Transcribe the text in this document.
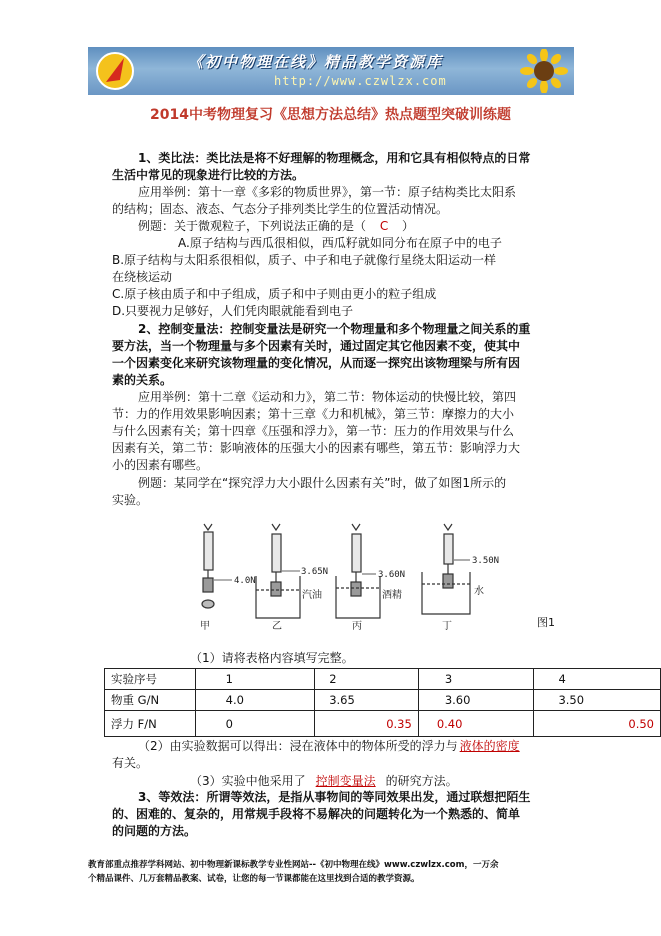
《初中物理在线》精品教学资源库
http://www.czwlzx.com
2014中考物理复习《思想方法总结》热点题型突破训练题
1、类比法：类比法是将不好理解的物理概念，用和它具有相似特点的日常
生活中常见的现象进行比较的方法。
应用举例：第十一章《多彩的物质世界》，第一节：原子结构类比太阳系
的结构；固态、液态、气态分子排列类比学生的位置活动情况。
例题：关于微观粒子，下列说法正确的是（ C ）
A.原子结构与西瓜很相似，西瓜籽就如同分布在原子中的电子
B.原子结构与太阳系很相似，质子、中子和电子就像行星绕太阳运动一样
在绕核运动
C.原子核由质子和中子组成，质子和中子则由更小的粒子组成
D.只要视力足够好，人们凭肉眼就能看到电子
2、控制变量法：控制变量法是研究一个物理量和多个物理量之间关系的重
要方法，当一个物理量与多个因素有关时，通过固定其它他因素不变，使其中
一个因素变化来研究该物理量的变化情况，从而逐一探究出该物理梁与所有因
素的关系。
应用举例：第十二章《运动和力》，第二节：物体运动的快慢比较，第四
节：力的作用效果影响因素；第十三章《力和机械》，第三节：摩擦力的大小
与什么因素有关；第十四章《压强和浮力》，第一节：压力的作用效果与什么
因素有关，第二节：影响液体的压强大小的因素有哪些，第五节：影响浮力大
小的因素有哪些。
例题：某同学在“探究浮力大小跟什么因素有关”时，做了如图1所示的
实验。
4.0N
3.65N	3.60N
3.50N
汽油	酒精	水
甲	乙	丙	丁	图1
（1）请将表格内容填写完整。
实验序号	1	2	3	4
物重 G/N	4.0	3.65	3.60	3.50
浮力 F/N	0	0.35	0.40	0.50
（2）由实验数据可以得出：浸在液体中的物体所受的浮力与 液体的密度
有关。
（3）实验中他采用了 控制变量法 的研究方法。
3、等效法：所谓等效法，是指从事物间的等同效果出发，通过联想把陌生
的、困难的、复杂的，用常规手段将不易解决的问题转化为一个熟悉的、简单
的问题的方法。
教育部重点推荐学科网站、初中物理新课标教学专业性网站--《初中物理在线》www.czwlzx.com，一万余
个精品课件、几万套精品教案、试卷，让您的每一节课都能在这里找到合适的教学资源。
